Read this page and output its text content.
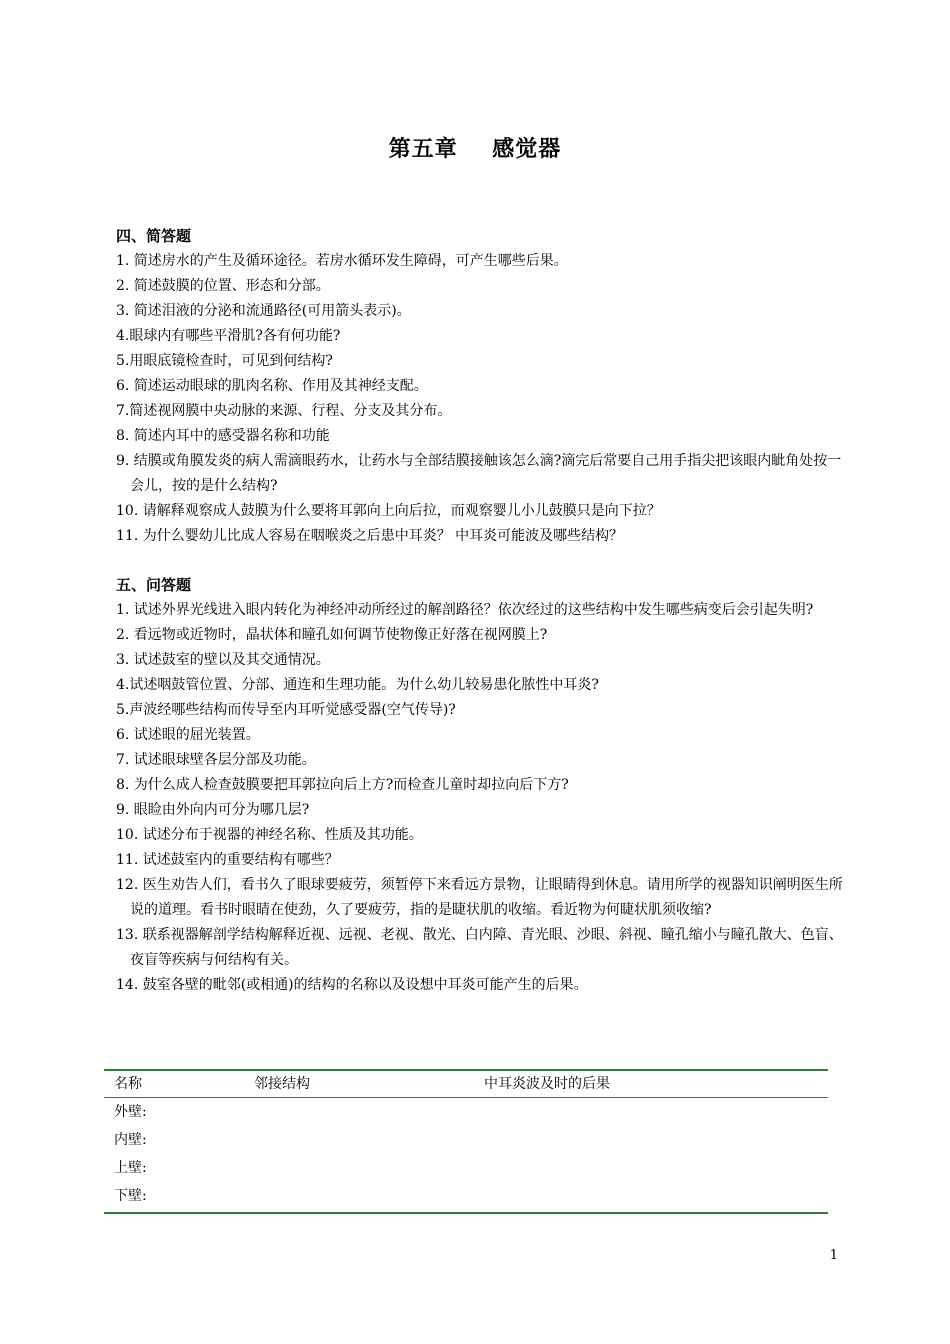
第五章    感觉器
四、简答题
1. 简述房水的产生及循环途径。若房水循环发生障碍，可产生哪些后果。
2. 简述鼓膜的位置、形态和分部。
3. 简述泪液的分泌和流通路径(可用箭头表示)。
4.眼球内有哪些平滑肌?各有何功能?
5.用眼底镜检查时，可见到何结构?
6. 简述运动眼球的肌肉名称、作用及其神经支配。
7.简述视网膜中央动脉的来源、行程、分支及其分布。
8. 简述内耳中的感受器名称和功能
9. 结膜或角膜发炎的病人需滴眼药水，让药水与全部结膜接触该怎么滴?滴完后常要自己用手指尖把该眼内眦角处按一会儿，按的是什么结构?
10. 请解释观察成人鼓膜为什么要将耳郭向上向后拉，而观察婴儿小儿鼓膜只是向下拉？
11. 为什么婴幼儿比成人容易在咽喉炎之后患中耳炎？ 中耳炎可能波及哪些结构？
五、问答题
1. 试述外界光线进入眼内转化为神经冲动所经过的解剖路径？依次经过的这些结构中发生哪些病变后会引起失明?
2. 看远物或近物时，晶状体和瞳孔如何调节使物像正好落在视网膜上?
3. 试述鼓室的壁以及其交通情况。
4.试述咽鼓管位置、分部、通连和生理功能。为什么幼儿较易患化脓性中耳炎?
5.声波经哪些结构而传导至内耳听觉感受器(空气传导)?
6. 试述眼的屈光装置。
7. 试述眼球壁各层分部及功能。
8. 为什么成人检查鼓膜要把耳郭拉向后上方?而检查儿童时却拉向后下方?
9. 眼睑由外向内可分为哪几层?
10. 试述分布于视器的神经名称、性质及其功能。
11. 试述鼓室内的重要结构有哪些？
12. 医生劝告人们，看书久了眼球要疲劳，须暂停下来看远方景物，让眼睛得到休息。请用所学的视器知识阐明医生所说的道理。看书时眼睛在使劲，久了要疲劳，指的是睫状肌的收缩。看近物为何睫状肌须收缩?
13. 联系视器解剖学结构解释近视、远视、老视、散光、白内障、青光眼、沙眼、斜视、瞳孔缩小与瞳孔散大、色盲、夜盲等疾病与何结构有关。
14. 鼓室各壁的毗邻(或相通)的结构的名称以及设想中耳炎可能产生的后果。
名称	邻接结构	中耳炎波及时的后果
外壁:
内壁:
上壁:
下壁:
1
